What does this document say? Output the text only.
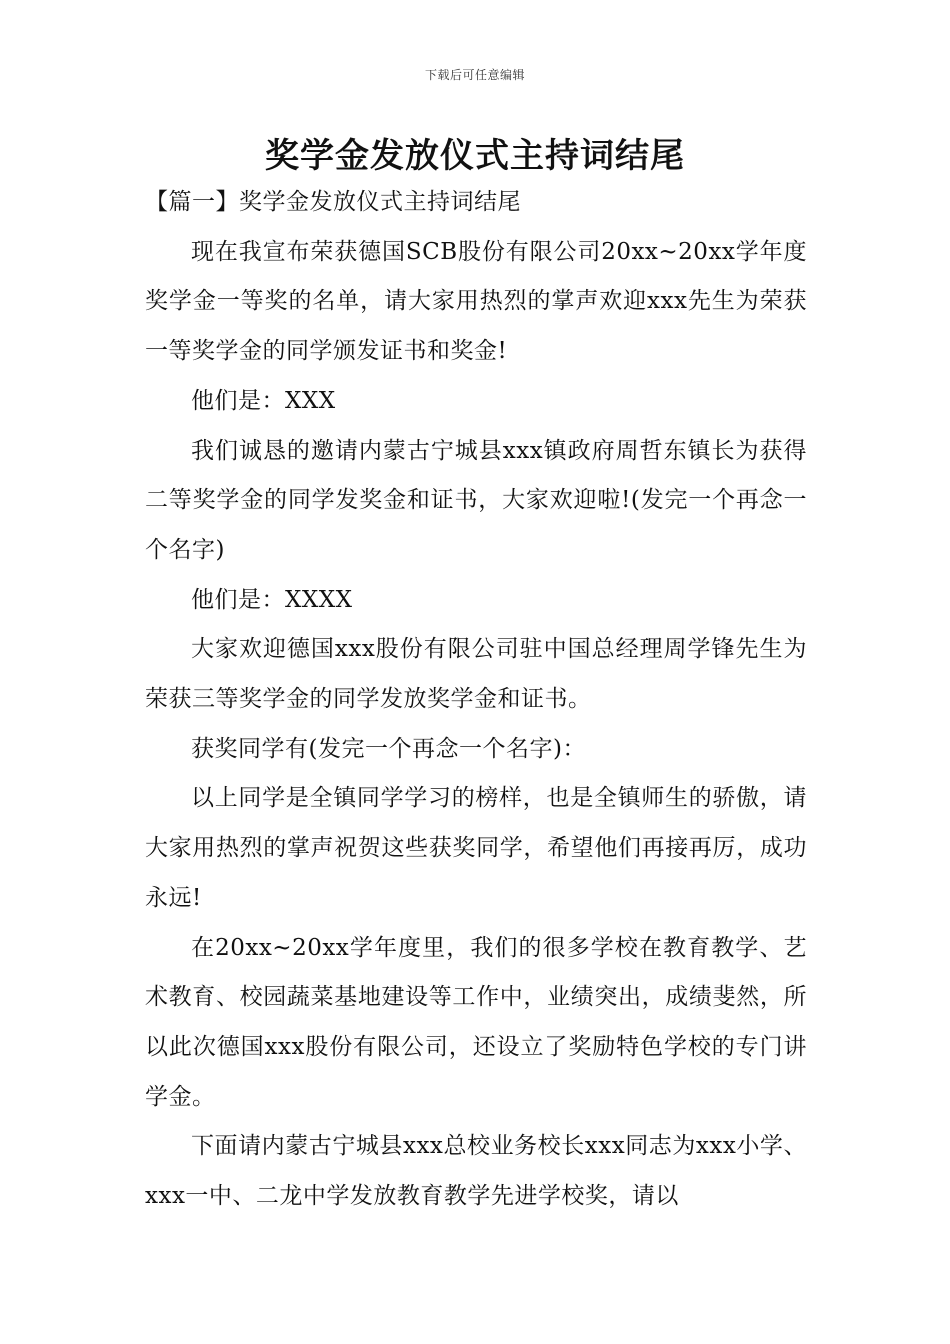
下载后可任意编辑
奖学金发放仪式主持词结尾

【篇一】奖学金发放仪式主持词结尾

现在我宣布荣获德国SCB股份有限公司20xx~20xx学年度奖学金一等奖的名单，请大家用热烈的掌声欢迎xxx先生为荣获一等奖学金的同学颁发证书和奖金!

他们是：XXX

我们诚恳的邀请内蒙古宁城县xxx镇政府周哲东镇长为获得二等奖学金的同学发奖金和证书，大家欢迎啦!(发完一个再念一个名字)

他们是：XXXX

大家欢迎德国xxx股份有限公司驻中国总经理周学锋先生为荣获三等奖学金的同学发放奖学金和证书。

获奖同学有(发完一个再念一个名字)：

以上同学是全镇同学学习的榜样，也是全镇师生的骄傲，请大家用热烈的掌声祝贺这些获奖同学，希望他们再接再厉，成功永远!

在20xx~20xx学年度里，我们的很多学校在教育教学、艺术教育、校园蔬菜基地建设等工作中，业绩突出，成绩斐然，所以此次德国xxx股份有限公司，还设立了奖励特色学校的专门讲学金。

下面请内蒙古宁城县xxx总校业务校长xxx同志为xxx小学、xxx一中、二龙中学发放教育教学先进学校奖，请以
